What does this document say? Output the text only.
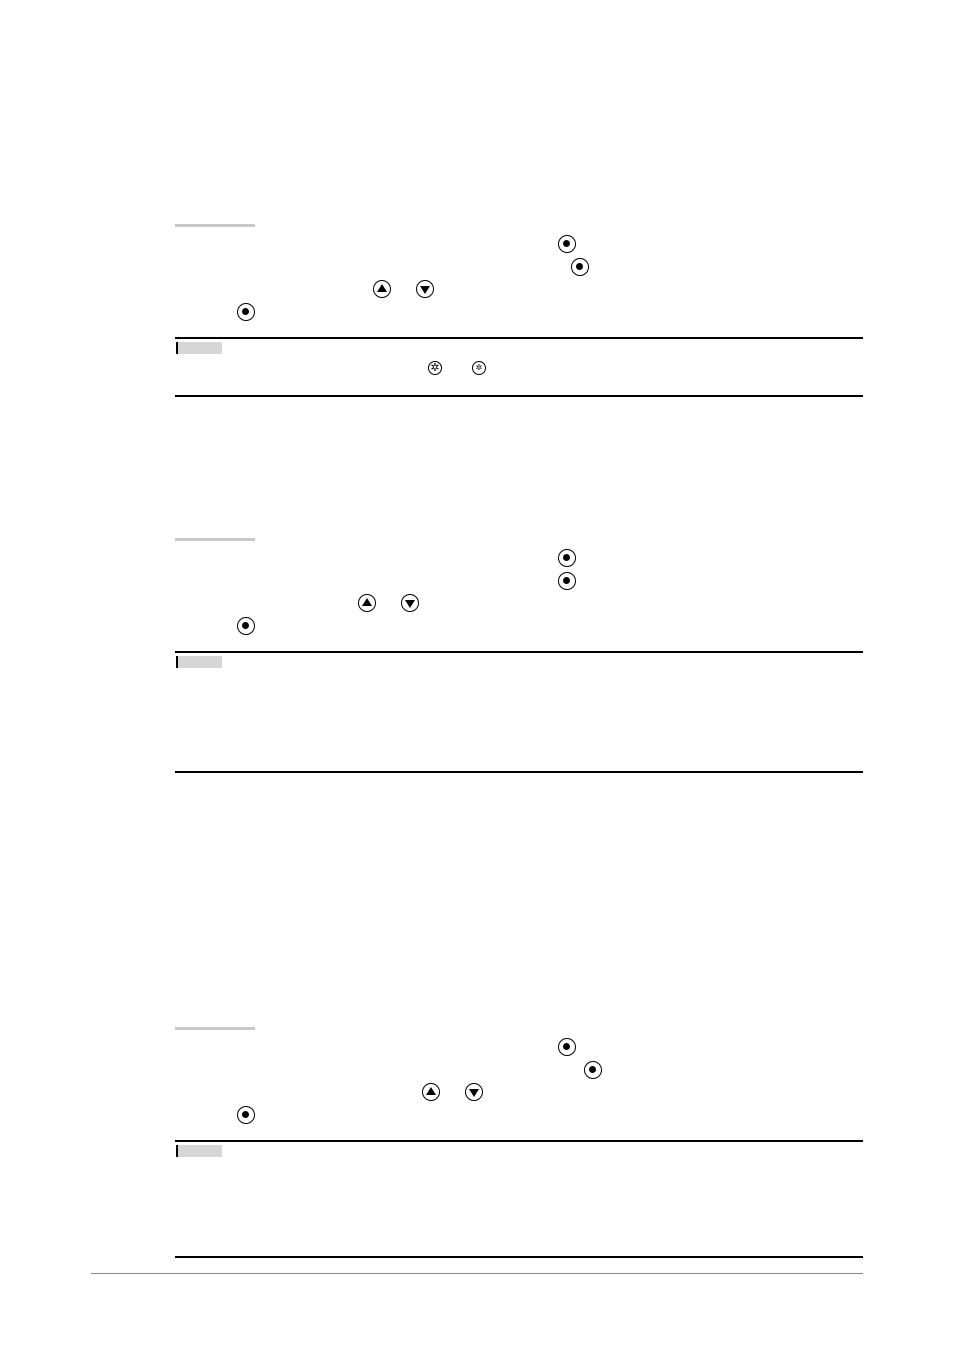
✲	✲
